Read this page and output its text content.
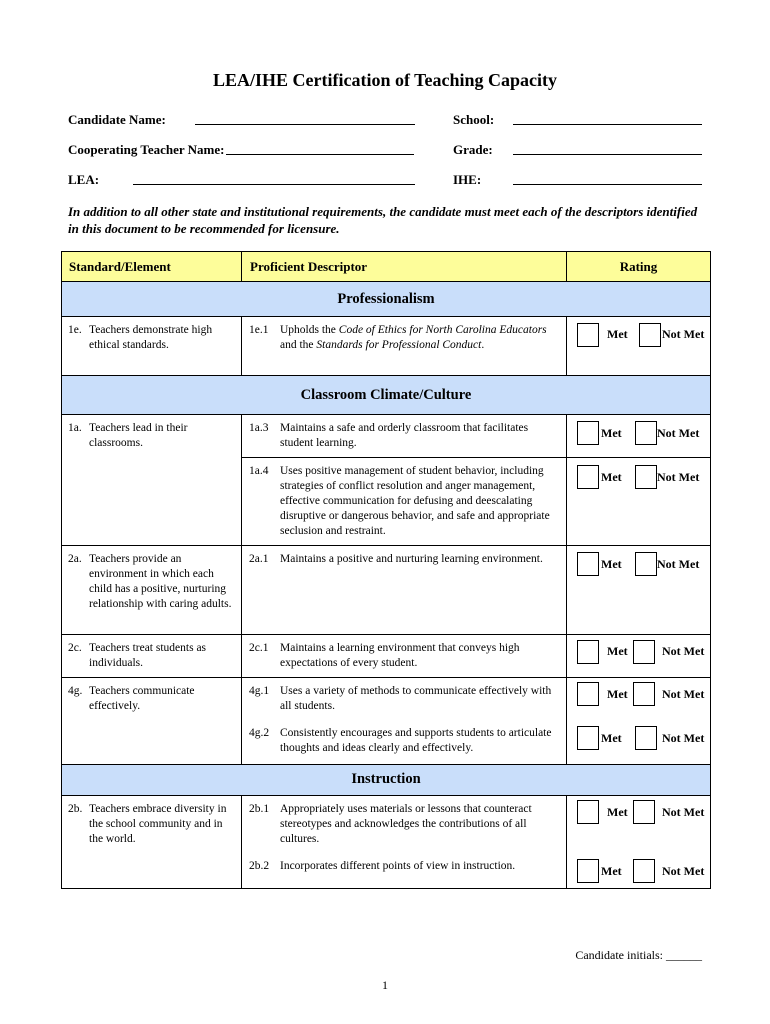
LEA/IHE Certification of Teaching Capacity
Candidate Name:	School:
Cooperating Teacher Name:	Grade:
LEA:	IHE:
In addition to all other state and institutional requirements, the candidate must meet each of the descriptors identified in this document to be recommended for licensure.
Standard/Element	Proficient Descriptor	Rating
Professionalism		

1e. Teachers demonstrate high ethical standards.	1e.1 Upholds the Code of Ethics for North Carolina Educators and the Standards for Professional Conduct.	Met Not Met

Classroom Climate/Culture		

1a. Teachers lead in their classrooms.	1a.3 Maintains a safe and orderly classroom that facilitates student learning.	Met Not Met

	1a.4 Uses positive management of student behavior, including strategies of conflict resolution and anger management, effective communication for defusing and deescalating disruptive or dangerous behavior, and safe and appropriate seclusion and restraint.	Met Not Met

2a. Teachers provide an environment in which each child has a positive, nurturing relationship with caring adults.	2a.1 Maintains a positive and nurturing learning environment.	Met Not Met

2c. Teachers treat students as individuals.	2c.1 Maintains a learning environment that conveys high expectations of every student.	Met Not Met

4g. Teachers communicate effectively.	4g.1 Uses a variety of methods to communicate effectively with all students.	Met Not Met

	4g.2 Consistently encourages and supports students to articulate thoughts and ideas clearly and effectively.	Met Not Met

Instruction		

2b. Teachers embrace diversity in the school community and in the world.	2b.1 Appropriately uses materials or lessons that counteract stereotypes and acknowledges the contributions of all cultures.	Met Not Met

	2b.2 Incorporates different points of view in instruction.	Met Not Met
Candidate initials: ______
1
